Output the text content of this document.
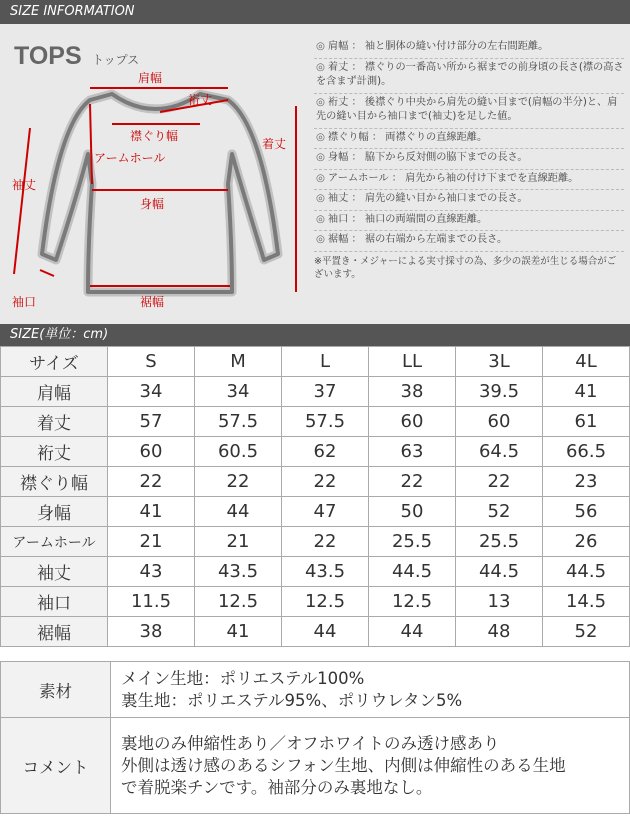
SIZE INFORMATION
TOPS トップス
肩幅
裄丈
襟ぐり幅
着丈
アームホール
身幅
袖丈
袖口	裾幅
◎ 肩幅 ： 袖と胴体の縫い付け部分の左右間距離。
◎ 着丈 ： 襟ぐりの一番高い所から裾までの前身頃の長さ(襟の高さを含まず計測)。
◎ 裄丈 ： 後襟ぐり中央から肩先の縫い目まで(肩幅の半分)と、肩先の縫い目から袖口まで(袖丈)を足した値。
◎ 襟ぐり幅 ： 両襟ぐりの直線距離。
◎ 身幅 ： 脇下から反対側の脇下までの長さ。
◎ アームホール ： 肩先から袖の付け下までを直線距離。
◎ 袖丈 ： 肩先の縫い目から袖口までの長さ。
◎ 袖口 ： 袖口の両端間の直線距離。
◎ 裾幅 ： 裾の右端から左端までの長さ。
※平置き・メジャーによる実寸採寸の為、多少の誤差が生じる場合がございます。
SIZE(単位：cm)
サイズ	S	M	L	LL	3L	4L
肩幅	34	34	37	38	39.5	41
着丈	57	57.5	57.5	60	60	61
裄丈	60	60.5	62	63	64.5	66.5
襟ぐり幅	22	22	22	22	22	23
身幅	41	44	47	50	52	56
アームホール	21	21	22	25.5	25.5	26
袖丈	43	43.5	43.5	44.5	44.5	44.5
袖口	11.5	12.5	12.5	12.5	13	14.5
裾幅	38	41	44	44	48	52
素材	メイン生地：ポリエステル100%
裏生地：ポリエステル95%、ポリウレタン5%

コメント	裏地のみ伸縮性あり／オフホワイトのみ透け感あり
外側は透け感のあるシフォン生地、内側は伸縮性のある生地
で着脱楽チンです。袖部分のみ裏地なし。
